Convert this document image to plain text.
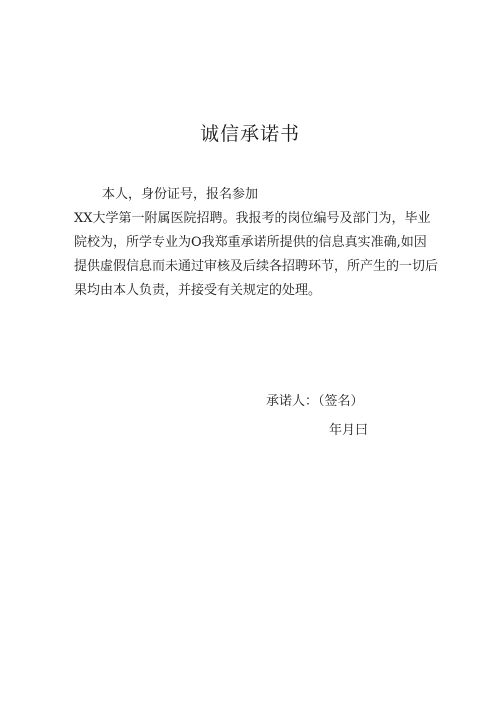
诚信承诺书
本人，身份证号，报名参加
XX大学第一附属医院招聘。我报考的岗位编号及部门为，毕业
院校为，所学专业为O我郑重承诺所提供的信息真实准确,如因
提供虚假信息而未通过审核及后续各招聘环节，所产生的一切后
果均由本人负责，并接受有关规定的处理。
承诺人：（签名）
年月曰
